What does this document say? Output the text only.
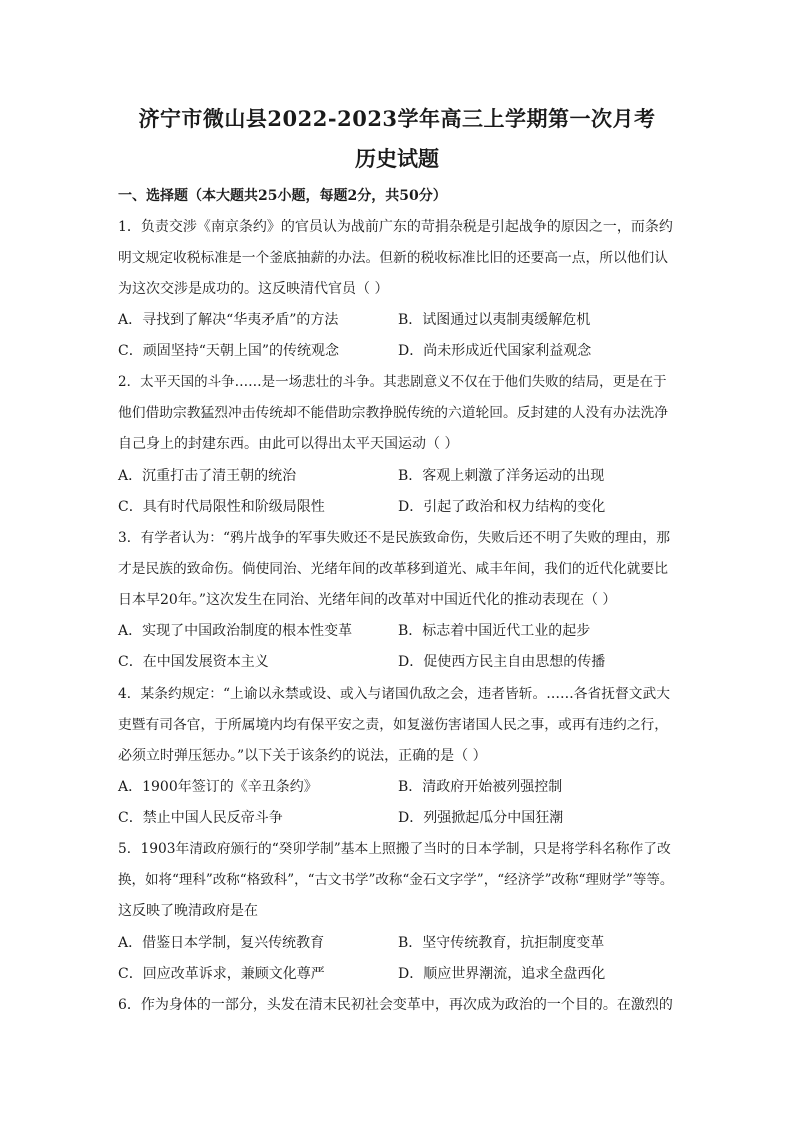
济宁市微山县2022-2023学年高三上学期第一次月考
历史试题
一、选择题（本大题共25小题，每题2分，共50分）
1．负责交涉《南京条约》的官员认为战前广东的苛捐杂税是引起战争的原因之一，而条约
明文规定收税标准是一个釜底抽薪的办法。但新的税收标准比旧的还要高一点，所以他们认
为这次交涉是成功的。这反映清代官员（ ）
A．寻找到了解决“华夷矛盾”的方法	B．试图通过以夷制夷缓解危机
C．顽固坚持“天朝上国”的传统观念	D．尚未形成近代国家利益观念
2．太平天国的斗争……是一场悲壮的斗争。其悲剧意义不仅在于他们失败的结局，更是在于
他们借助宗教猛烈冲击传统却不能借助宗教挣脱传统的六道轮回。反封建的人没有办法洗净
自己身上的封建东西。由此可以得出太平天国运动（ ）
A．沉重打击了清王朝的统治	B．客观上刺激了洋务运动的出现
C．具有时代局限性和阶级局限性	D．引起了政治和权力结构的变化
3．有学者认为：“鸦片战争的军事失败还不是民族致命伤，失败后还不明了失败的理由，那
才是民族的致命伤。倘使同治、光绪年间的改革移到道光、咸丰年间，我们的近代化就要比
日本早20年。”这次发生在同治、光绪年间的改革对中国近代化的推动表现在（ ）
A．实现了中国政治制度的根本性变革	B．标志着中国近代工业的起步
C．在中国发展资本主义	D．促使西方民主自由思想的传播
4．某条约规定：“上谕以永禁或设、或入与诸国仇敌之会，违者皆斩。……各省抚督文武大
吏暨有司各官，于所属境内均有保平安之责，如复滋伤害诸国人民之事，或再有违约之行，
必须立时弹压惩办。”以下关于该条约的说法，正确的是（ ）
A．1900年签订的《辛丑条约》	B．清政府开始被列强控制
C．禁止中国人民反帝斗争	D．列强掀起瓜分中国狂潮
5．1903年清政府颁行的“癸卯学制”基本上照搬了当时的日本学制，只是将学科名称作了改
换，如将“理科”改称“格致科”，“古文书学”改称“金石文字学”，“经济学”改称“理财学”等等。
这反映了晚清政府是在
A．借鉴日本学制，复兴传统教育	B．坚守传统教育，抗拒制度变革
C．回应改革诉求，兼顾文化尊严	D．顺应世界潮流，追求全盘西化
6．作为身体的一部分，头发在清末民初社会变革中，再次成为政治的一个目的。在激烈的
